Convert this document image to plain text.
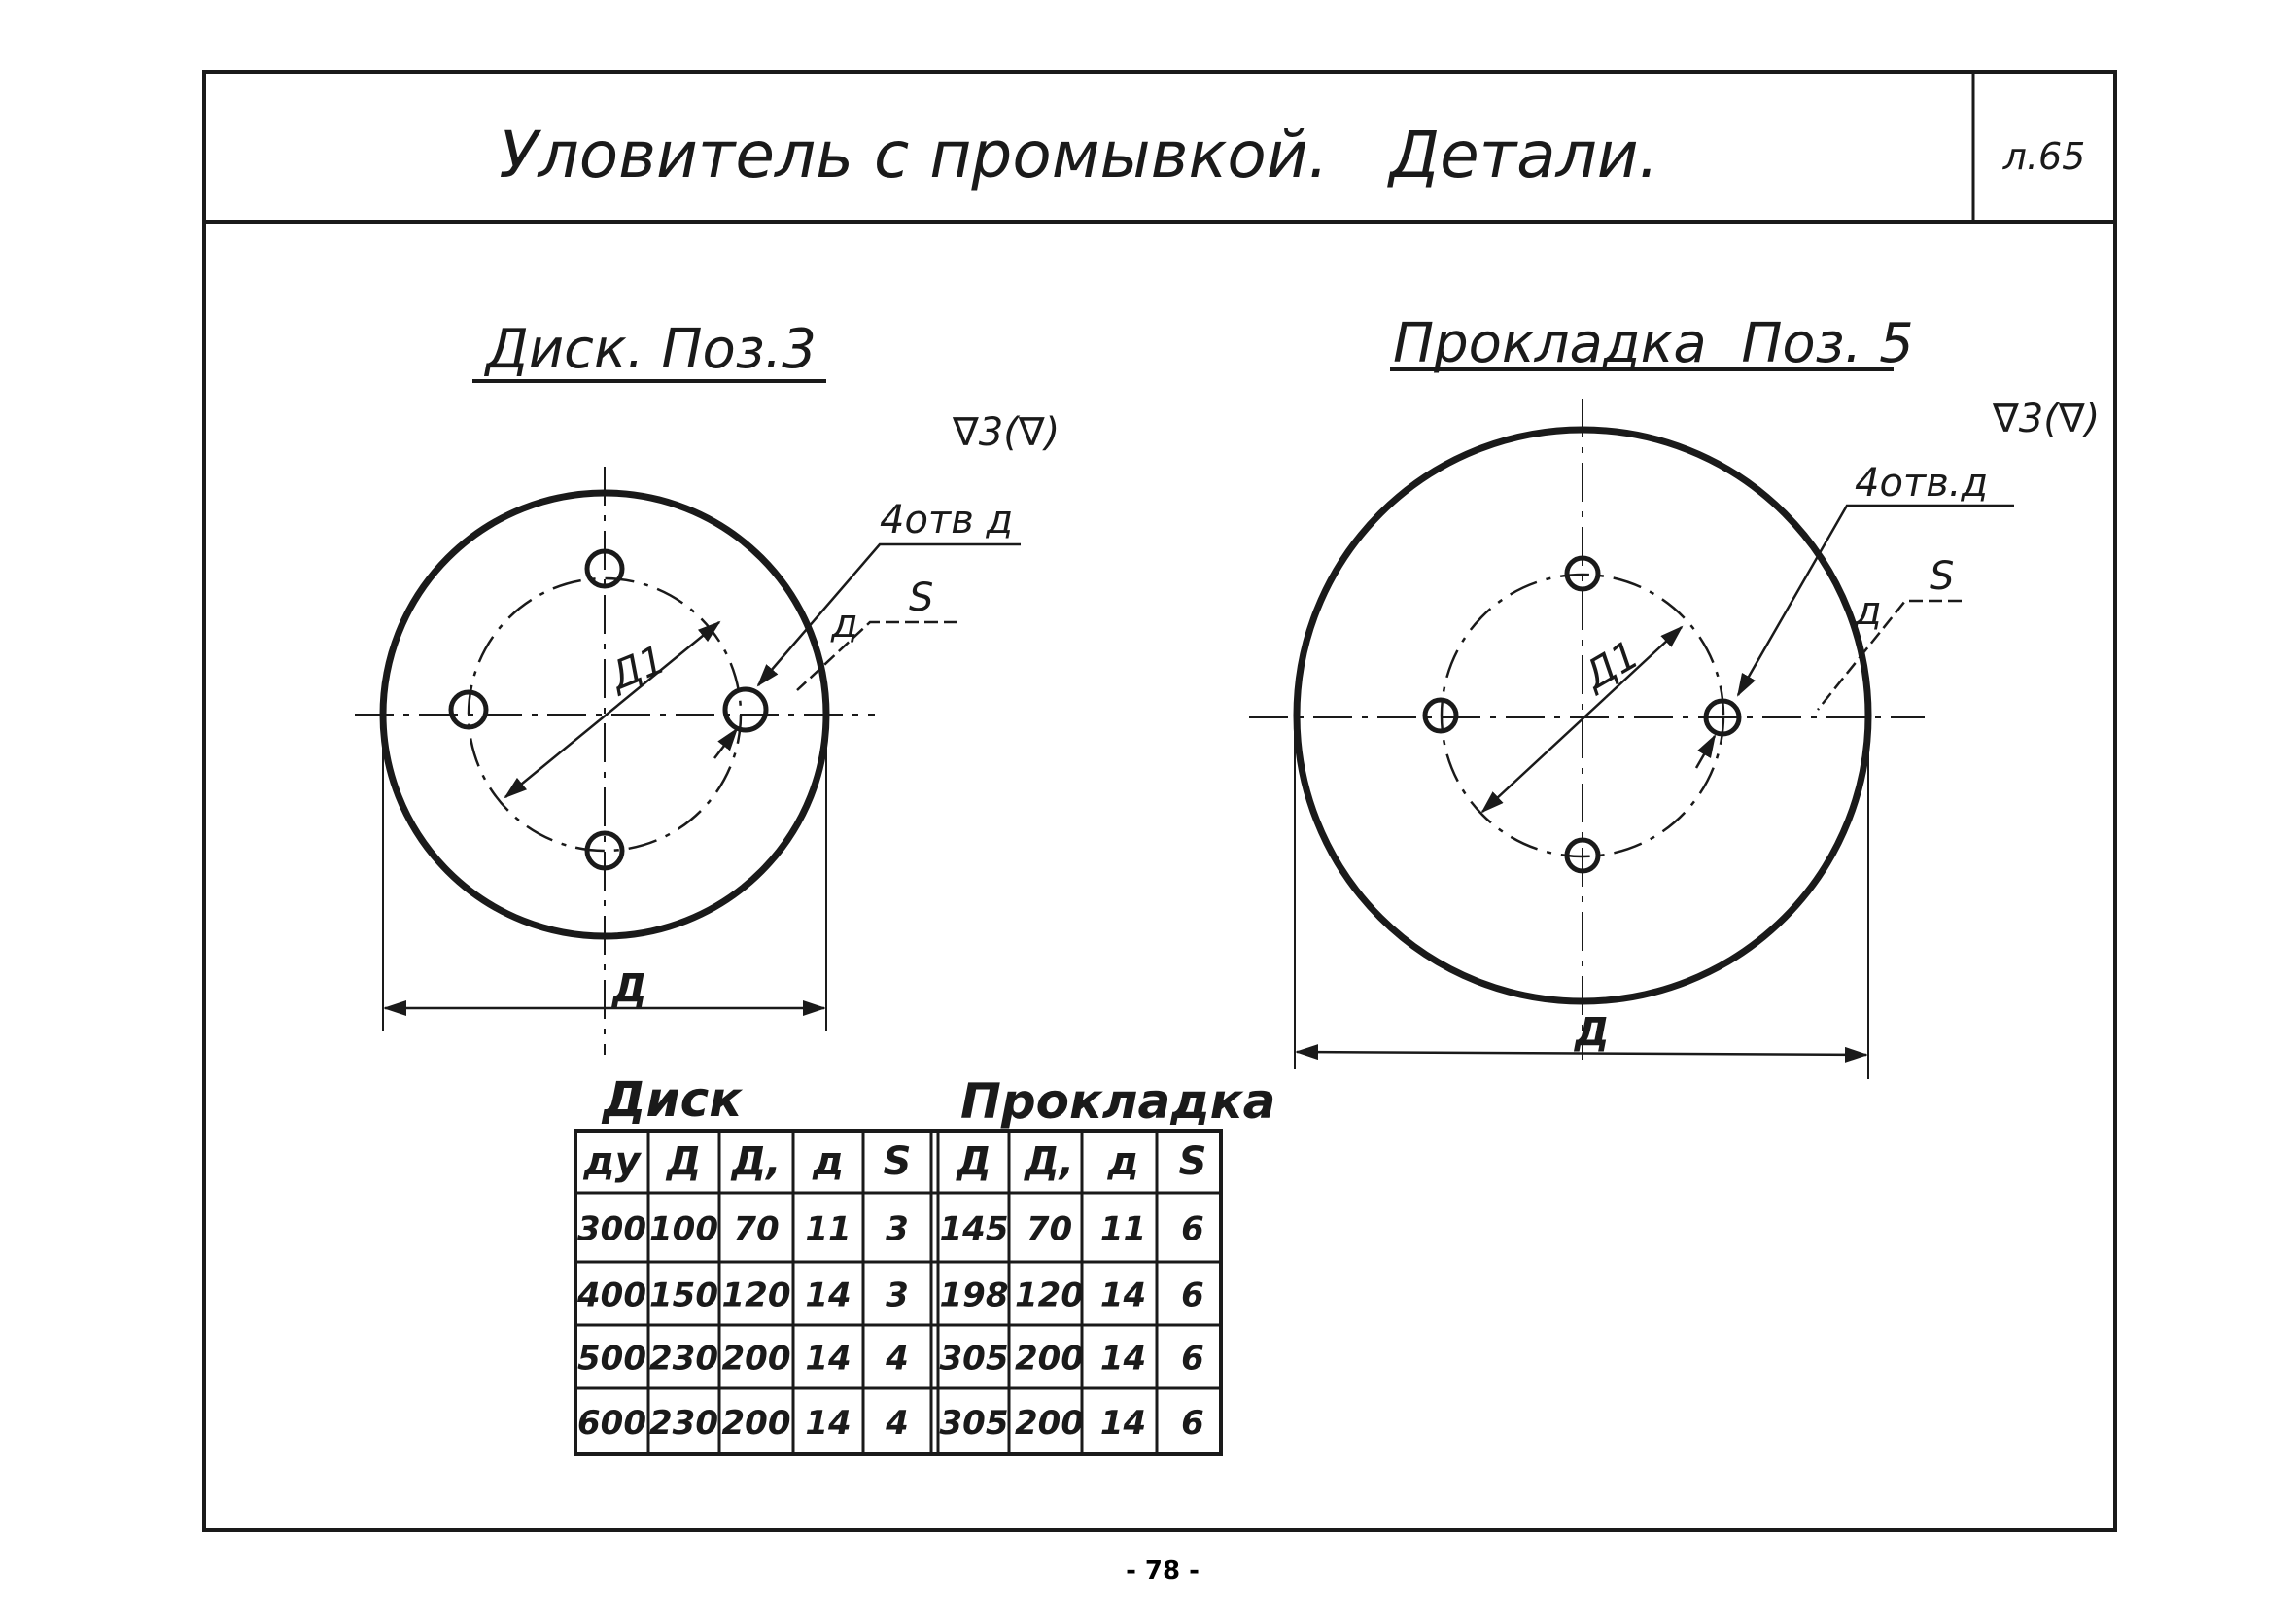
Уловитель с промывкой.   Детали.	л.65
Диск. Поз.3
∇3(∇)
Д1
4отв д
S
д
Д
Прокладка  Поз. 5
∇3(∇)
Д1
4отв.д
S
д
Д
Диск	Прокладка
ду Д Д, д S Д Д, д S
300 100 70 11 3 145 70 11 6
400 150 120 14 3 198 120 14 6
500 230 200 14 4 305 200 14 6
600 230 200 14 4 305 200 14 6
- 78 -
